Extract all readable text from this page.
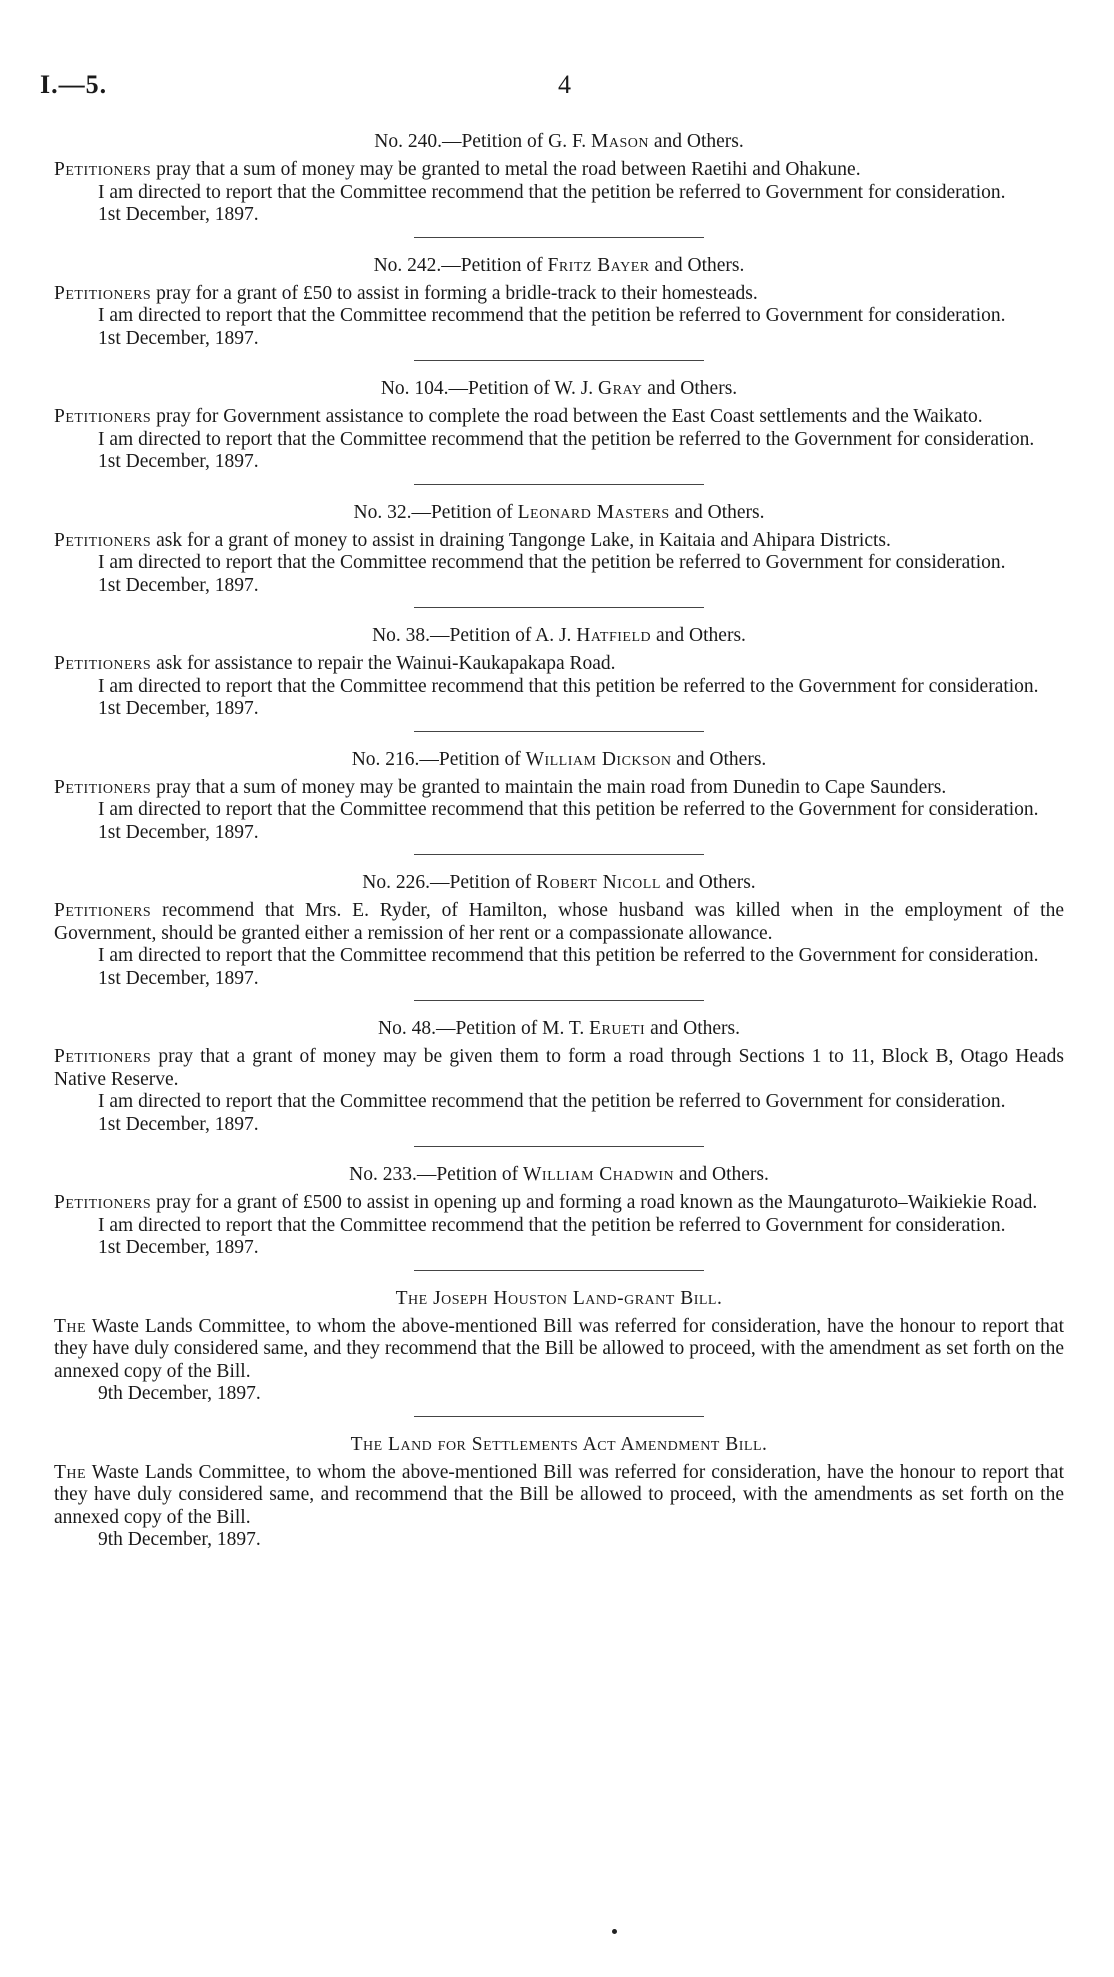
I.—5.	4
No. 240.—Petition of G. F. Mason and Others.

Petitioners pray that a sum of money may be granted to metal the road between Raetihi and Ohakune.

I am directed to report that the Committee recommend that the petition be referred to Government for consideration.

1st December, 1897.
No. 242.—Petition of Fritz Bayer and Others.

Petitioners pray for a grant of £50 to assist in forming a bridle-track to their homesteads.

I am directed to report that the Committee recommend that the petition be referred to Government for consideration.

1st December, 1897.
No. 104.—Petition of W. J. Gray and Others.

Petitioners pray for Government assistance to complete the road between the East Coast settlements and the Waikato.

I am directed to report that the Committee recommend that the petition be referred to the Government for consideration.

1st December, 1897.
No. 32.—Petition of Leonard Masters and Others.

Petitioners ask for a grant of money to assist in draining Tangonge Lake, in Kaitaia and Ahipara Districts.

I am directed to report that the Committee recommend that the petition be referred to Government for consideration.

1st December, 1897.
No. 38.—Petition of A. J. Hatfield and Others.

Petitioners ask for assistance to repair the Wainui-Kaukapakapa Road.

I am directed to report that the Committee recommend that this petition be referred to the Government for consideration.

1st December, 1897.
No. 216.—Petition of William Dickson and Others.

Petitioners pray that a sum of money may be granted to maintain the main road from Dunedin to Cape Saunders.

I am directed to report that the Committee recommend that this petition be referred to the Government for consideration.

1st December, 1897.
No. 226.—Petition of Robert Nicoll and Others.

Petitioners recommend that Mrs. E. Ryder, of Hamilton, whose husband was killed when in the employment of the Government, should be granted either a remission of her rent or a compassionate allowance.

I am directed to report that the Committee recommend that this petition be referred to the Government for consideration.

1st December, 1897.
No. 48.—Petition of M. T. Erueti and Others.

Petitioners pray that a grant of money may be given them to form a road through Sections 1 to 11, Block B, Otago Heads Native Reserve.

I am directed to report that the Committee recommend that the petition be referred to Government for consideration.

1st December, 1897.
No. 233.—Petition of William Chadwin and Others.

Petitioners pray for a grant of £500 to assist in opening up and forming a road known as the Maungaturoto–Waikiekie Road.

I am directed to report that the Committee recommend that the petition be referred to Government for consideration.

1st December, 1897.
The Joseph Houston Land-grant Bill.

The Waste Lands Committee, to whom the above-mentioned Bill was referred for consideration, have the honour to report that they have duly considered same, and they recommend that the Bill be allowed to proceed, with the amendment as set forth on the annexed copy of the Bill.

9th December, 1897.
The Land for Settlements Act Amendment Bill.

The Waste Lands Committee, to whom the above-mentioned Bill was referred for consideration, have the honour to report that they have duly considered same, and recommend that the Bill be allowed to proceed, with the amendments as set forth on the annexed copy of the Bill.

9th December, 1897.
